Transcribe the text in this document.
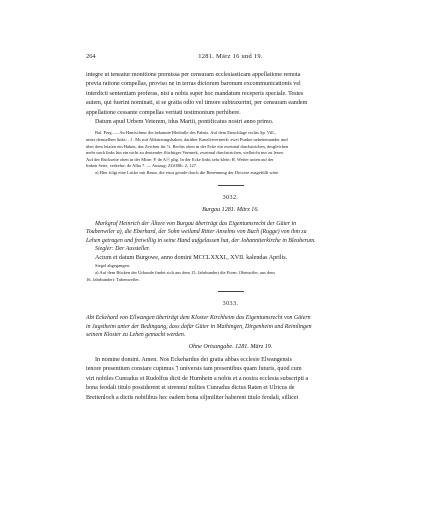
264	1281. März 16 und 19.

integre ut teneatur monitione premissa per censuram ecclesiasticam appellatione remota

previa ratione compellas, proviso ne in terras dictorum baronum excommunicationis vel

interdicti sententiam proferas, nisi a nobis super hoc mandatum receperis speciale. Testes

autem, qui fuerint nominati, si se gratia odio vel timore subtraxerint, per censuram eandem

appellatione cessante compellas veritati testimonium perhibere.

Datum apud Urbem Veterem, idus Martii, pontificatus nostri anno primo.

Bal. Perg. — An Hanfschnur die bekannte Bleibulle des Pabsts. Auf dem Einschlage rechts Sp. Vill.,

unter demselben links: . J . Ms mit Abkürzungshaken, darüber Kanzleivermerk: zwei Punkte nebeneinander und

über dem letzten ein Haken, das Zeichen für ½. Rechts oben in der Ecke ein zweimal durchstrichen, desgleichen

mehr nach links hin ein nicht zu deutender flüchtiger Vermerk, zweimal durchstrichen, vielleicht nur zu lesen.

Auf der Rückseite oben in der Mitte: P. de A☉ phg. In der Ecke links sehr klein: R. Weiter unten auf der

linken Seite, verkehrt: de Alba 7. — Auszug: ZGORh. 2, 127.

a) Hier folgt eine Lücke mit Rasur, die etwa gerade durch die Benennung der Diöcese ausgefüllt wäre.

3032.

Burgau 1281. März 16.

Markgraf Heinrich der Ältere von Burgau überträgt das Eigentumsrecht der Güter in

Toubenwiler a), die Eberhard, der Sohn weiland Ritter Anselms von Buch (Rugge) von ihm zu

Lehen getragen und freiwillig in seine Hand aufgelassen hat, der Johanniterkirche in Bleuberum.

Siegler: Der Aussteller.

Actum et datum Burgowe, anno domini MCCLXXXI., XVII. kalendas Aprilis.

Siegel abgegangen.

a) Auf dem Rücken der Urkunde findet sich aus dem 15. Jahrhundert die Form: Obenwiler, aus dem

16. Jahrhundert: Tubenweiler.

3033.

Abt Eckehard von Ellwangen überträgt dem Kloster Kirchheim das Eigentumsrecht von Gütern

in Jagstheim unter der Bedingung, dass dafür Güter in Maihingen, Dirgenheim und Reimlingen

seinem Kloster zu Lehen gemacht werden.

Ohne Ortsangabe. 1281. März 19.

In nomine domini. Amen. Nos Eckehardus dei gratia abbas ecclesie Elwangensis

tenore presentium constare cupimus ⁊ universis tam presentibus quam futuris, quod cum

viri nobiles Cunradus et Rudolfus dicti de Hurnhein a nobis et a nostra ecclesia subscripti a

bona feodali titulo possiderent et strennui milites Cunradus dictus Raten et Ulricus de

Breitenloch a dictis nobilibus hec eadem bona siljmiliter haberent titulo feodali, sillicet
